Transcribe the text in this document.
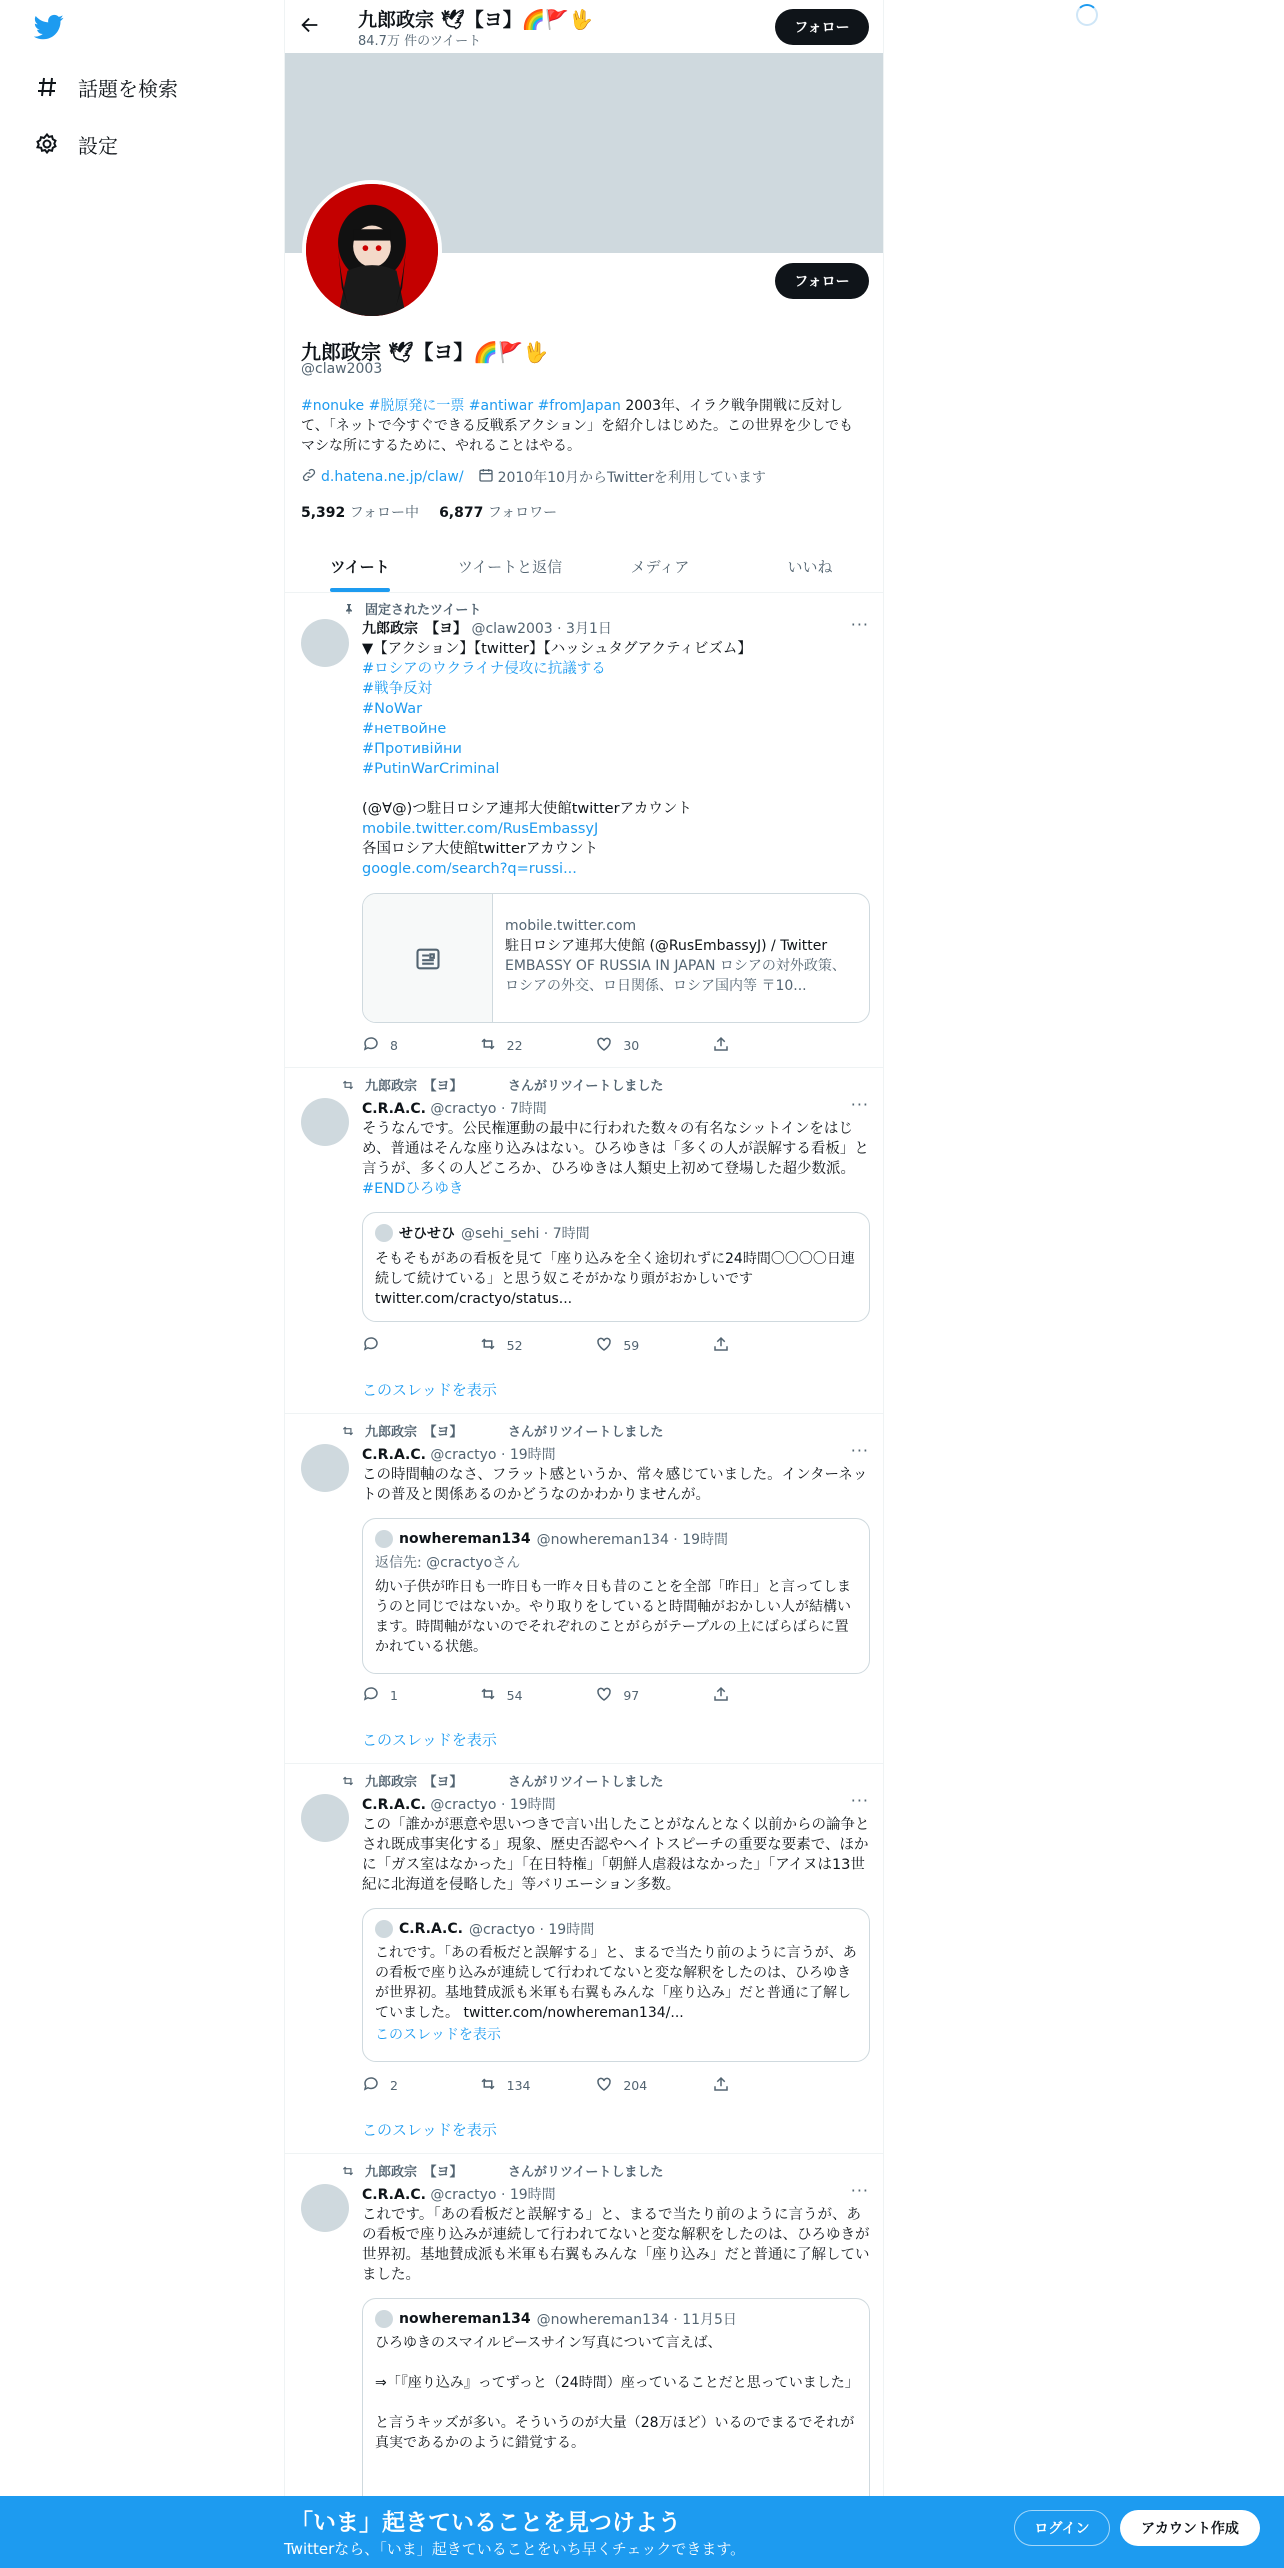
話題を検索
設定
九郎政宗 🕊【ヨ】🌈🚩🖖
84.7万 件のツイート
フォロー
フォロー
九郎政宗 🕊【ヨ】🌈🚩🖖
@claw2003
#nonuke #脱原発に一票 #antiwar #fromJapan 2003年、イラク戦争開戦に反対して、「ネットで今すぐできる反戦系アクション」を紹介しはじめた。この世界を少しでもマシな所にするために、やれることはやる。
d.hatena.ne.jp/claw/ 2010年10月からTwitterを利用しています
5,392 フォロー中 6,877 フォロワー
ツイート	ツイートと返信	メディア	いいね
固定されたツイート
九郎政宗　【ヨ】 @claw2003 · 3月1日	···
▼【アクション】【twitter】【ハッシュタグアクティビズム】
#ロシアのウクライナ侵攻に抗議する
#戦争反対
#NoWar
#нетвойне
#Противійни
#PutinWarCriminal

(@∀@)つ駐日ロシア連邦大使館twitterアカウント
mobile.twitter.com/RusEmbassyJ
各国ロシア大使館twitterアカウント
google.com/search?q=russi...
mobile.twitter.com
駐日ロシア連邦大使館 (@RusEmbassyJ) / Twitter
EMBASSY OF RUSSIA IN JAPAN ロシアの対外政策、ロシアの外交、ロ日関係、ロシア国内等 〒10...
8	22	30
九郎政宗　【ヨ】　　　　さんがリツイートしました
C.R.A.C. @cractyo · 7時間	···
そうなんです。公民権運動の最中に行われた数々の有名なシットインをはじめ、普通はそんな座り込みはない。ひろゆきは「多くの人が誤解する看板」と言うが、多くの人どころか、ひろゆきは人類史上初めて登場した超少数派。 #ENDひろゆき
せひせひ @sehi_sehi · 7時間
そもそもがあの看板を見て「座り込みを全く途切れずに24時間〇〇〇〇日連続して続けている」と思う奴こそがかなり頭がおかしいです twitter.com/cractyo/status...
52	59
このスレッドを表示
九郎政宗　【ヨ】　　　　さんがリツイートしました
C.R.A.C. @cractyo · 19時間	···
この時間軸のなさ、フラット感というか、常々感じていました。インターネットの普及と関係あるのかどうなのかわかりませんが。
nowhereman134 @nowhereman134 · 19時間
返信先: @cractyoさん
幼い子供が昨日も一昨日も一昨々日も昔のことを全部「昨日」と言ってしまうのと同じではないか。やり取りをしていると時間軸がおかしい人が結構います。時間軸がないのでそれぞれのことがらがテーブルの上にばらばらに置かれている状態。
1	54	97
このスレッドを表示
九郎政宗　【ヨ】　　　　さんがリツイートしました
C.R.A.C. @cractyo · 19時間	···
この「誰かが悪意や思いつきで言い出したことがなんとなく以前からの論争とされ既成事実化する」現象、歴史否認やヘイトスピーチの重要な要素で、ほかに「ガス室はなかった」「在日特権」「朝鮮人虐殺はなかった」「アイヌは13世紀に北海道を侵略した」等バリエーション多数。
C.R.A.C. @cractyo · 19時間
これです。「あの看板だと誤解する」と、まるで当たり前のように言うが、あの看板で座り込みが連続して行われてないと変な解釈をしたのは、ひろゆきが世界初。基地賛成派も米軍も右翼もみんな「座り込み」だと普通に了解していました。 twitter.com/nowhereman134/...
このスレッドを表示
2	134	204
このスレッドを表示
九郎政宗　【ヨ】　　　　さんがリツイートしました
C.R.A.C. @cractyo · 19時間	···
これです。「あの看板だと誤解する」と、まるで当たり前のように言うが、あの看板で座り込みが連続して行われてないと変な解釈をしたのは、ひろゆきが世界初。基地賛成派も米軍も右翼もみんな「座り込み」だと普通に了解していました。
nowhereman134 @nowhereman134 · 11月5日
ひろゆきのスマイルピースサイン写真について言えば、

⇒「『座り込み』ってずっと（24時間）座っていることだと思っていました」

と言うキッズが多い。そういうのが大量（28万ほど）いるのでまるでそれが真実であるかのように錯覚する。
「いま」起きていることを見つけよう
Twitterなら、「いま」起きていることをいち早くチェックできます。
ログイン	アカウント作成
